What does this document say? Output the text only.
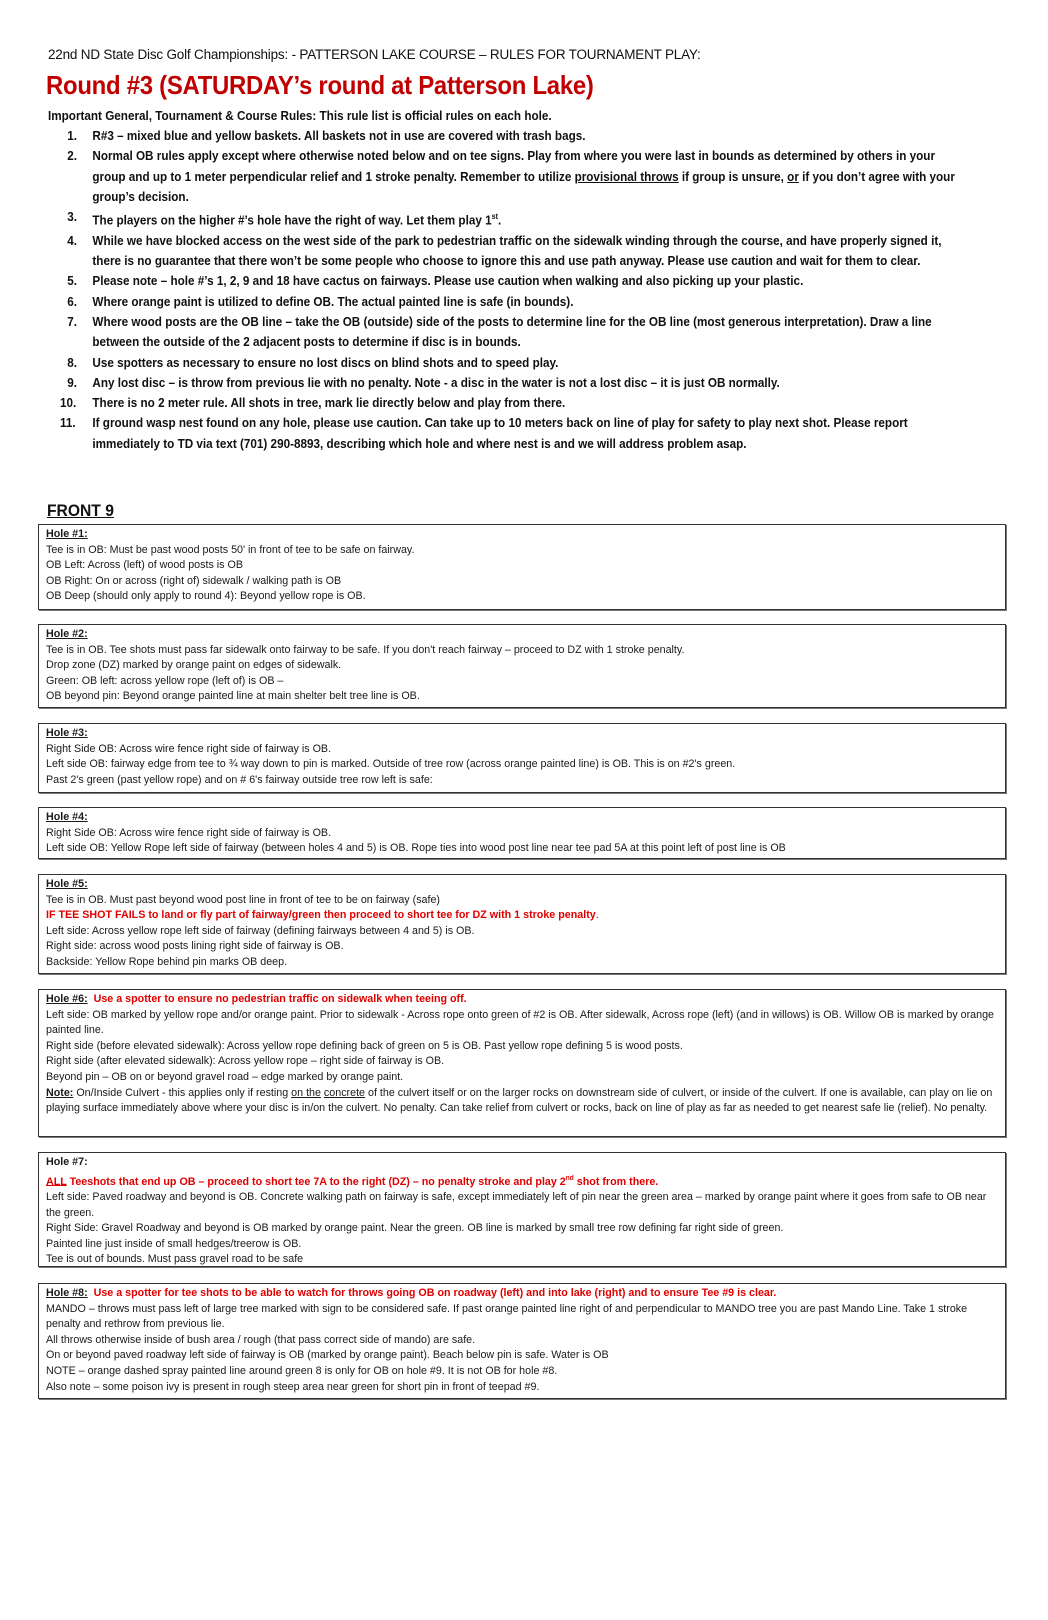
22nd ND State Disc Golf Championships: - PATTERSON LAKE COURSE – RULES FOR TOURNAMENT PLAY:
Round #3 (SATURDAY’s round at Patterson Lake)
Important General, Tournament & Course Rules: This rule list is official rules on each hole.
1. R#3 – mixed blue and yellow baskets. All baskets not in use are covered with trash bags.
2. Normal OB rules apply except where otherwise noted below and on tee signs. Play from where you were last in bounds as determined by others in your group and up to 1 meter perpendicular relief and 1 stroke penalty. Remember to utilize provisional throws if group is unsure, or if you don’t agree with your group’s decision.
3. The players on the higher #’s hole have the right of way. Let them play 1st.
4. While we have blocked access on the west side of the park to pedestrian traffic on the sidewalk winding through the course, and have properly signed it, there is no guarantee that there won’t be some people who choose to ignore this and use path anyway. Please use caution and wait for them to clear.
5. Please note – hole #’s 1, 2, 9 and 18 have cactus on fairways. Please use caution when walking and also picking up your plastic.
6. Where orange paint is utilized to define OB. The actual painted line is safe (in bounds).
7. Where wood posts are the OB line – take the OB (outside) side of the posts to determine line for the OB line (most generous interpretation). Draw a line between the outside of the 2 adjacent posts to determine if disc is in bounds.
8. Use spotters as necessary to ensure no lost discs on blind shots and to speed play.
9. Any lost disc – is throw from previous lie with no penalty. Note - a disc in the water is not a lost disc – it is just OB normally.
10. There is no 2 meter rule. All shots in tree, mark lie directly below and play from there.
11. If ground wasp nest found on any hole, please use caution. Can take up to 10 meters back on line of play for safety to play next shot. Please report immediately to TD via text (701) 290-8893, describing which hole and where nest is and we will address problem asap.
FRONT 9
Hole #1:
Tee is in OB: Must be past wood posts 50' in front of tee to be safe on fairway.
OB Left: Across (left) of wood posts is OB
OB Right: On or across (right of) sidewalk / walking path is OB
OB Deep (should only apply to round 4): Beyond yellow rope is OB.
Hole #2:
Tee is in OB. Tee shots must pass far sidewalk onto fairway to be safe. If you don't reach fairway – proceed to DZ with 1 stroke penalty.
Drop zone (DZ) marked by orange paint on edges of sidewalk.
Green: OB left: across yellow rope (left of) is OB –
OB beyond pin: Beyond orange painted line at main shelter belt tree line is OB.
Hole #3:
Right Side OB: Across wire fence right side of fairway is OB.
Left side OB: fairway edge from tee to ¾ way down to pin is marked. Outside of tree row (across orange painted line) is OB. This is on #2's green.
Past 2's green (past yellow rope) and on # 6's fairway outside tree row left is safe:
Hole #4:
Right Side OB: Across wire fence right side of fairway is OB.
Left side OB: Yellow Rope left side of fairway (between holes 4 and 5) is OB. Rope ties into wood post line near tee pad 5A at this point left of post line is OB
Hole #5:
Tee is in OB. Must past beyond wood post line in front of tee to be on fairway (safe)
IF TEE SHOT FAILS to land or fly part of fairway/green then proceed to short tee for DZ with 1 stroke penalty.
Left side: Across yellow rope left side of fairway (defining fairways between 4 and 5) is OB.
Right side: across wood posts lining right side of fairway is OB.
Backside: Yellow Rope behind pin marks OB deep.
Hole #6: Use a spotter to ensure no pedestrian traffic on sidewalk when teeing off.
Left side: OB marked by yellow rope and/or orange paint. Prior to sidewalk - Across rope onto green of #2 is OB. After sidewalk, Across rope (left) (and in willows) is OB. Willow OB is marked by orange painted line.
Right side (before elevated sidewalk): Across yellow rope defining back of green on 5 is OB. Past yellow rope defining 5 is wood posts.
Right side (after elevated sidewalk): Across yellow rope – right side of fairway is OB.
Beyond pin – OB on or beyond gravel road – edge marked by orange paint.
Note: On/Inside Culvert - this applies only if resting on the concrete of the culvert itself or on the larger rocks on downstream side of culvert, or inside of the culvert. If one is available, can play on lie on playing surface immediately above where your disc is in/on the culvert. No penalty. Can take relief from culvert or rocks, back on line of play as far as needed to get nearest safe lie (relief). No penalty.
Hole #7:
ALL Teeshots that end up OB – proceed to short tee 7A to the right (DZ) – no penalty stroke and play 2nd shot from there.
Left side: Paved roadway and beyond is OB. Concrete walking path on fairway is safe, except immediately left of pin near the green area – marked by orange paint where it goes from safe to OB near the green.
Right Side: Gravel Roadway and beyond is OB marked by orange paint. Near the green. OB line is marked by small tree row defining far right side of green.
Painted line just inside of small hedges/treerow is OB.
Tee is out of bounds. Must pass gravel road to be safe
Hole #8: Use a spotter for tee shots to be able to watch for throws going OB on roadway (left) and into lake (right) and to ensure Tee #9 is clear.
MANDO – throws must pass left of large tree marked with sign to be considered safe. If past orange painted line right of and perpendicular to MANDO tree you are past Mando Line. Take 1 stroke penalty and rethrow from previous lie.
All throws otherwise inside of bush area / rough (that pass correct side of mando) are safe.
On or beyond paved roadway left side of fairway is OB (marked by orange paint). Beach below pin is safe. Water is OB
NOTE – orange dashed spray painted line around green 8 is only for OB on hole #9. It is not OB for hole #8.
Also note – some poison ivy is present in rough steep area near green for short pin in front of teepad #9.
